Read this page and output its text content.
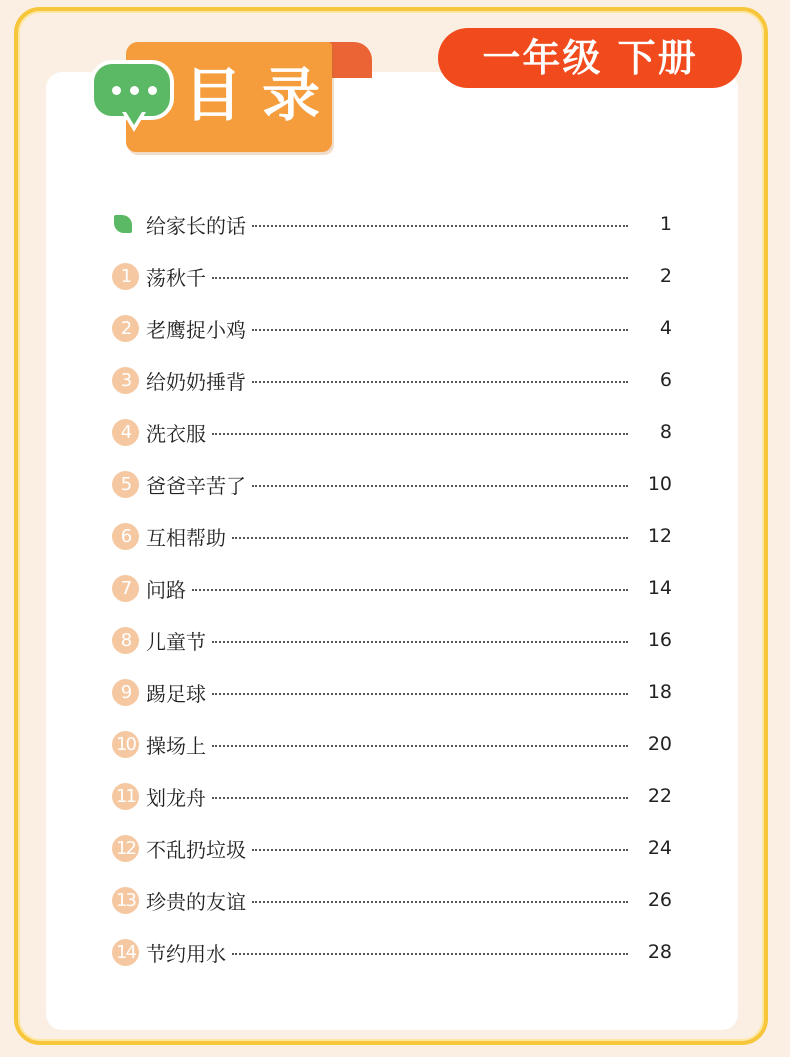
目录
一年级 下册
给家长的话	1
1 荡秋千	2
2 老鹰捉小鸡	4
3 给奶奶捶背	6
4 洗衣服	8
5 爸爸辛苦了	10
6 互相帮助	12
7 问路	14
8 儿童节	16
9 踢足球	18
10 操场上	20
11 划龙舟	22
12 不乱扔垃圾	24
13 珍贵的友谊	26
14 节约用水	28
